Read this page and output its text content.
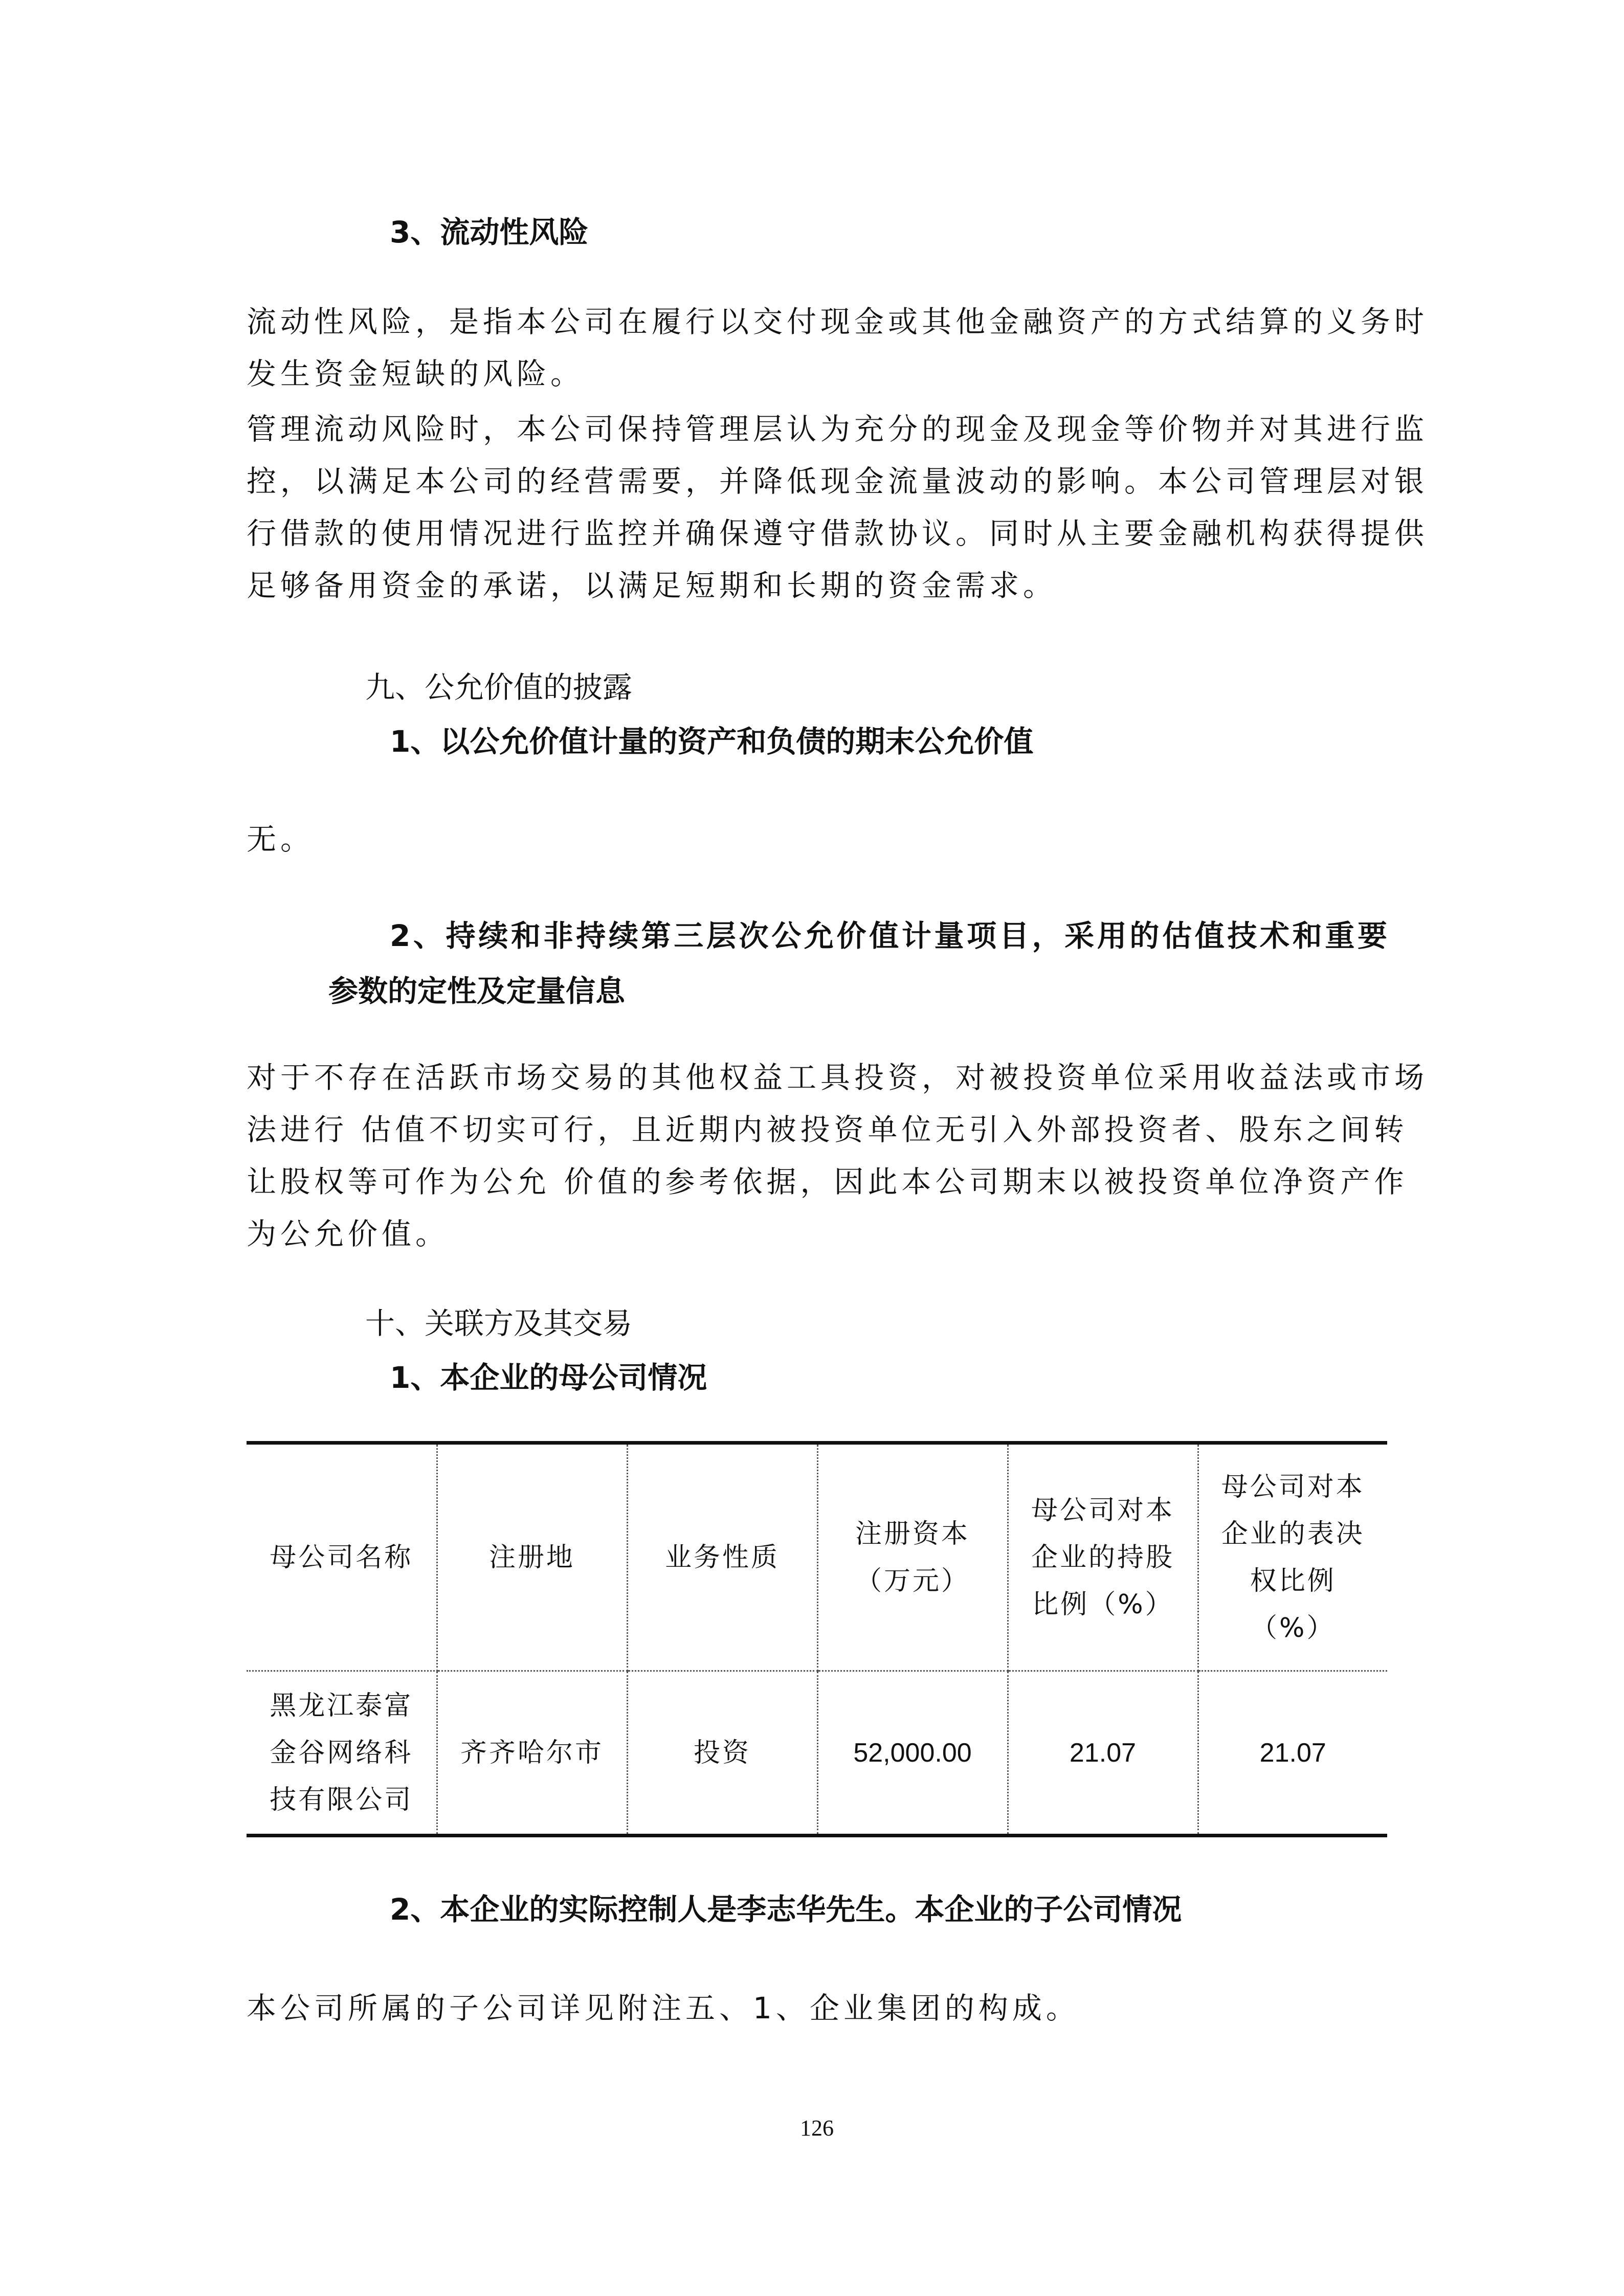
3、流动性风险
流动性风险，是指本公司在履行以交付现金或其他金融资产的方式结算的义务时
发生资金短缺的风险。
管理流动风险时，本公司保持管理层认为充分的现金及现金等价物并对其进行监
控，以满足本公司的经营需要，并降低现金流量波动的影响。本公司管理层对银
行借款的使用情况进行监控并确保遵守借款协议。同时从主要金融机构获得提供
足够备用资金的承诺，以满足短期和长期的资金需求。
九、公允价值的披露
1、以公允价值计量的资产和负债的期末公允价值
无。
2、持续和非持续第三层次公允价值计量项目，采用的估值技术和重要
参数的定性及定量信息
对于不存在活跃市场交易的其他权益工具投资，对被投资单位采用收益法或市场
法进行 估值不切实可行，且近期内被投资单位无引入外部投资者、股东之间转
让股权等可作为公允 价值的参考依据，因此本公司期末以被投资单位净资产作
为公允价值。
十、关联方及其交易
1、本企业的母公司情况
母公司名称	注册地	业务性质	注册资本（万元）	母公司对本企业的持股比例（%）	母公司对本企业的表决权比例（%）
黑龙江泰富金谷网络科技有限公司	齐齐哈尔市	投资	52,000.00	21.07	21.07
2、本企业的实际控制人是李志华先生。本企业的子公司情况
本公司所属的子公司详见附注五、1、企业集团的构成。
126
